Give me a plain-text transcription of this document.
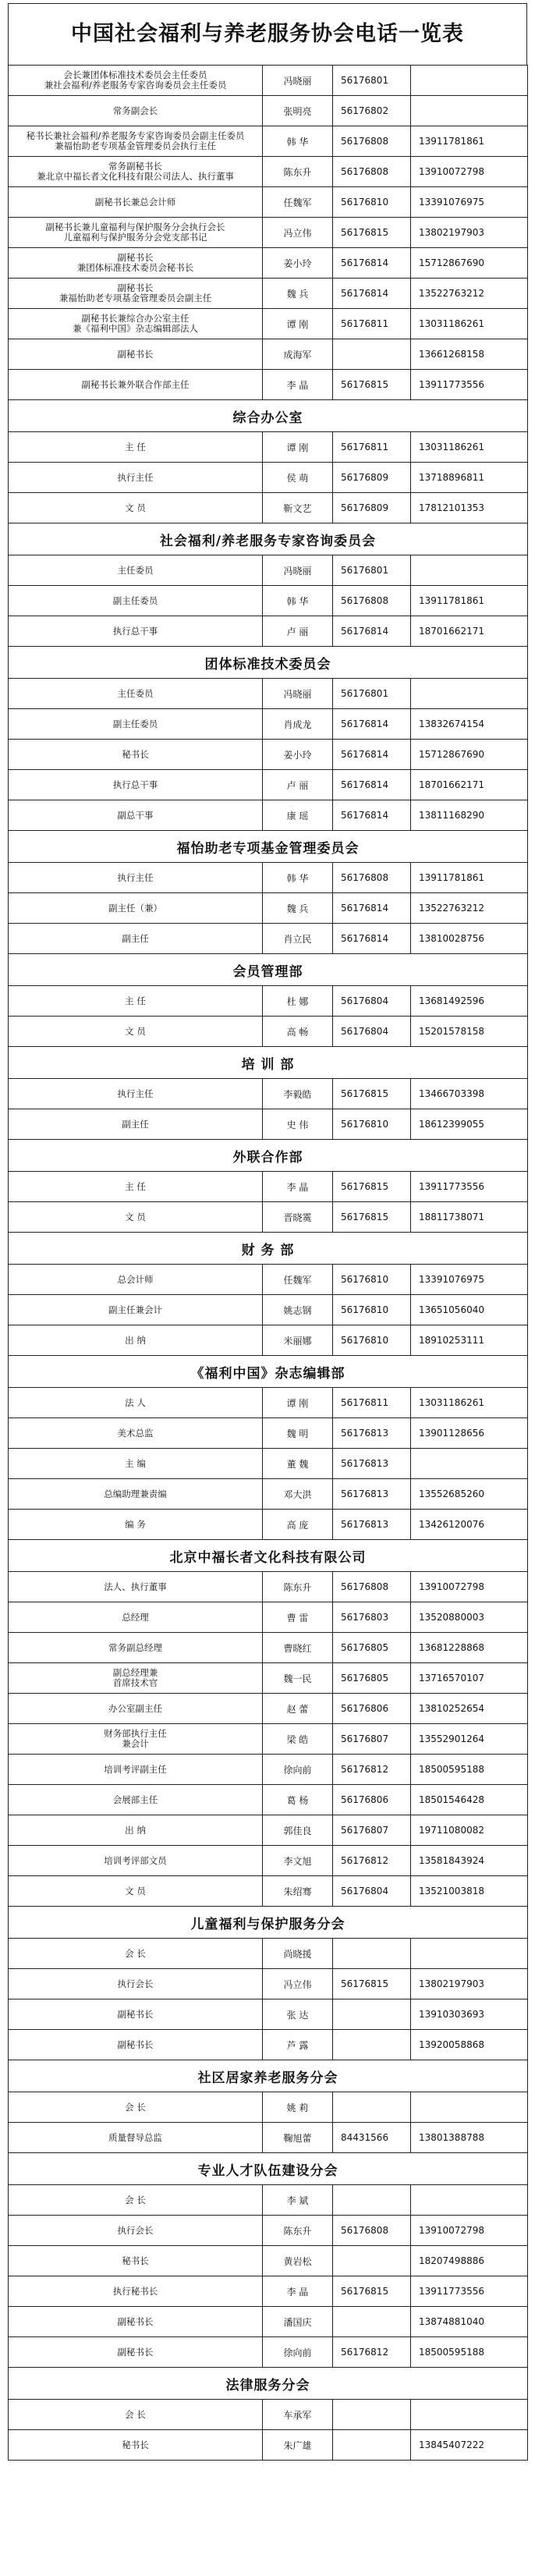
中国社会福利与养老服务协会电话一览表
会长兼团体标准技术委员会主任委员
兼社会福利/养老服务专家咨询委员会主任委员	冯晓丽	56176801	

常务副会长	张明亮	56176802	

秘书长兼社会福利/养老服务专家咨询委员会副主任委员
兼福怡助老专项基金管理委员会执行主任	韩 华	56176808	13911781861

常务副秘书长
兼北京中福长者文化科技有限公司法人、执行董事	陈东升	56176808	13910072798

副秘书长兼总会计师	任魏军	56176810	13391076975

副秘书长兼儿童福利与保护服务分会执行会长
儿童福利与保护服务分会党支部书记	冯立伟	56176815	13802197903

副秘书长
兼团体标准技术委员会秘书长	姜小玲	56176814	15712867690

副秘书长
兼福怡助老专项基金管理委员会副主任	魏 兵	56176814	13522763212

副秘书长兼综合办公室主任
兼《福利中国》杂志编辑部法人	谭 刚	56176811	13031186261

副秘书长	成海军		13661268158

副秘书长兼外联合作部主任	李 晶	56176815	13911773556
综合办公室			

主 任	谭 刚	56176811	13031186261

执行主任	侯 萌	56176809	13718896811

文 员	靳文艺	56176809	17812101353
社会福利/养老服务专家咨询委员会			

主任委员	冯晓丽	56176801	

副主任委员	韩 华	56176808	13911781861

执行总干事	卢 丽	56176814	18701662171
团体标准技术委员会			

主任委员	冯晓丽	56176801	

副主任委员	肖成龙	56176814	13832674154

秘书长	姜小玲	56176814	15712867690

执行总干事	卢 丽	56176814	18701662171

副总干事	康 瑶	56176814	13811168290
福怡助老专项基金管理委员会			

执行主任	韩 华	56176808	13911781861

副主任（兼）	魏 兵	56176814	13522763212

副主任	肖立民	56176814	13810028756
会员管理部			

主 任	杜 娜	56176804	13681492596

文 员	高 畅	56176804	15201578158
培 训 部			

执行主任	李毅皓	56176815	13466703398

副主任	史 伟	56176810	18612399055
外联合作部			

主 任	李 晶	56176815	13911773556

文 员	晋晓霙	56176815	18811738071
财 务 部			

总会计师	任魏军	56176810	13391076975

副主任兼会计	姚志钢	56176810	13651056040

出 纳	米丽娜	56176810	18910253111
《福利中国》杂志编辑部			

法 人	谭 刚	56176811	13031186261

美术总监	魏 明	56176813	13901128656

主 编	董 魏	56176813	

总编助理兼责编	邓大洪	56176813	13552685260

编 务	高 庞	56176813	13426120076
北京中福长者文化科技有限公司			

法人、执行董事	陈东升	56176808	13910072798

总经理	曹 雷	56176803	13520880003

常务副总经理	曹晓红	56176805	13681228868

副总经理兼
首席技术官	魏一民	56176805	13716570107

办公室副主任	赵 蕾	56176806	13810252654

财务部执行主任
兼会计	梁 皓	56176807	13552901264

培训考评副主任	徐向前	56176812	18500595188

会展部主任	葛 杨	56176806	18501546428

出 纳	郭佳良	56176807	19711080082

培训考评部文员	李文旭	56176812	13581843924

文 员	朱绍骞	56176804	13521003818
儿童福利与保护服务分会			

会 长	尚晓援		

执行会长	冯立伟	56176815	13802197903

副秘书长	张 达		13910303693

副秘书长	芦 露		13920058868
社区居家养老服务分会			

会 长	姚 莉		

质量督导总监	鞠旭蕾	84431566	13801388788
专业人才队伍建设分会			

会 长	李 斌		

执行会长	陈东升	56176808	13910072798

秘书长	黄岩松		18207498886

执行秘书长	李 晶	56176815	13911773556

副秘书长	潘国庆		13874881040

副秘书长	徐向前	56176812	18500595188
法律服务分会			

会 长	车承军		

秘书长	朱广雄		13845407222
